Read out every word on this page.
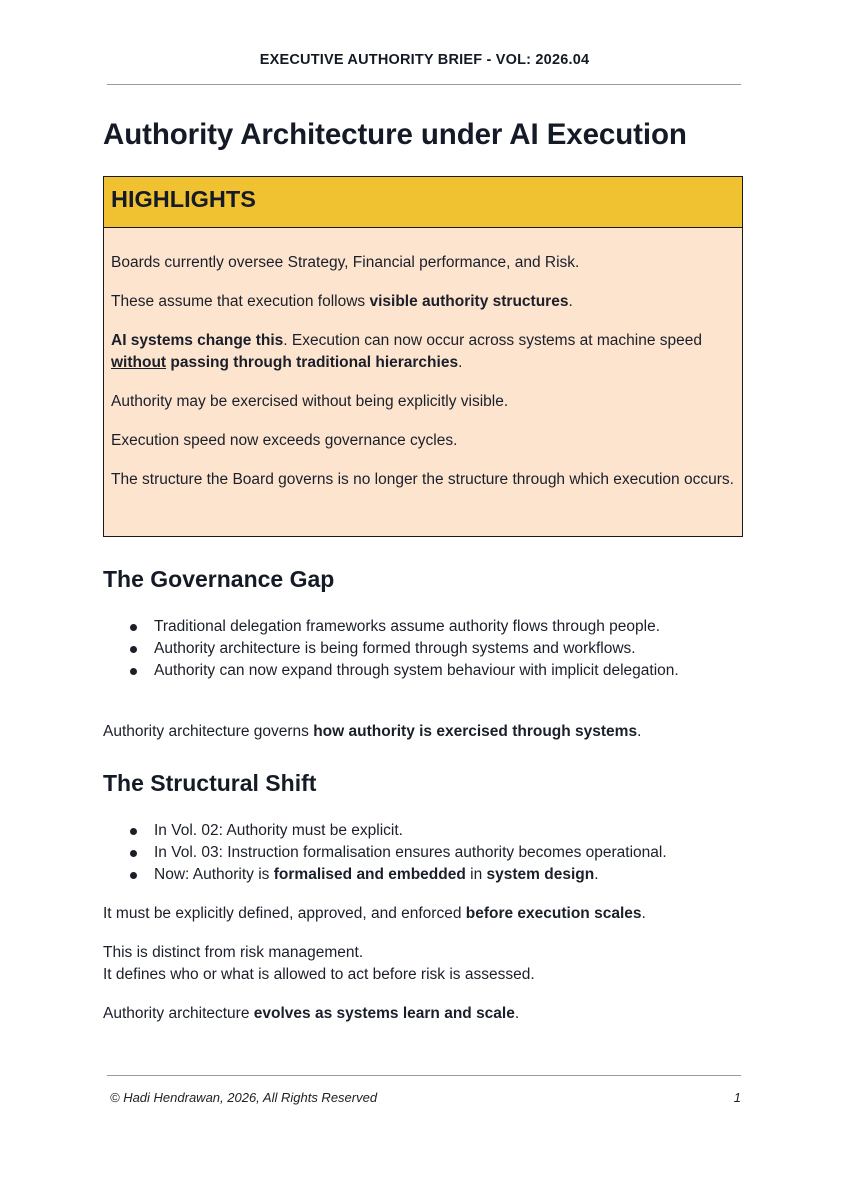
EXECUTIVE AUTHORITY BRIEF - VOL: 2026.04
Authority Architecture under AI Execution
HIGHLIGHTS

Boards currently oversee Strategy, Financial performance, and Risk.

These assume that execution follows visible authority structures.

AI systems change this. Execution can now occur across systems at machine speed without passing through traditional hierarchies.

Authority may be exercised without being explicitly visible.

Execution speed now exceeds governance cycles.

The structure the Board governs is no longer the structure through which execution occurs.

The Governance Gap
Traditional delegation frameworks assume authority flows through people.
Authority architecture is being formed through systems and workflows.
Authority can now expand through system behaviour with implicit delegation.

Authority architecture governs how authority is exercised through systems.

The Structural Shift
In Vol. 02: Authority must be explicit.
In Vol. 03: Instruction formalisation ensures authority becomes operational.
Now: Authority is formalised and embedded in system design.

It must be explicitly defined, approved, and enforced before execution scales.

This is distinct from risk management.
It defines who or what is allowed to act before risk is assessed.

Authority architecture evolves as systems learn and scale.

© Hadi Hendrawan, 2026, All Rights Reserved	1
